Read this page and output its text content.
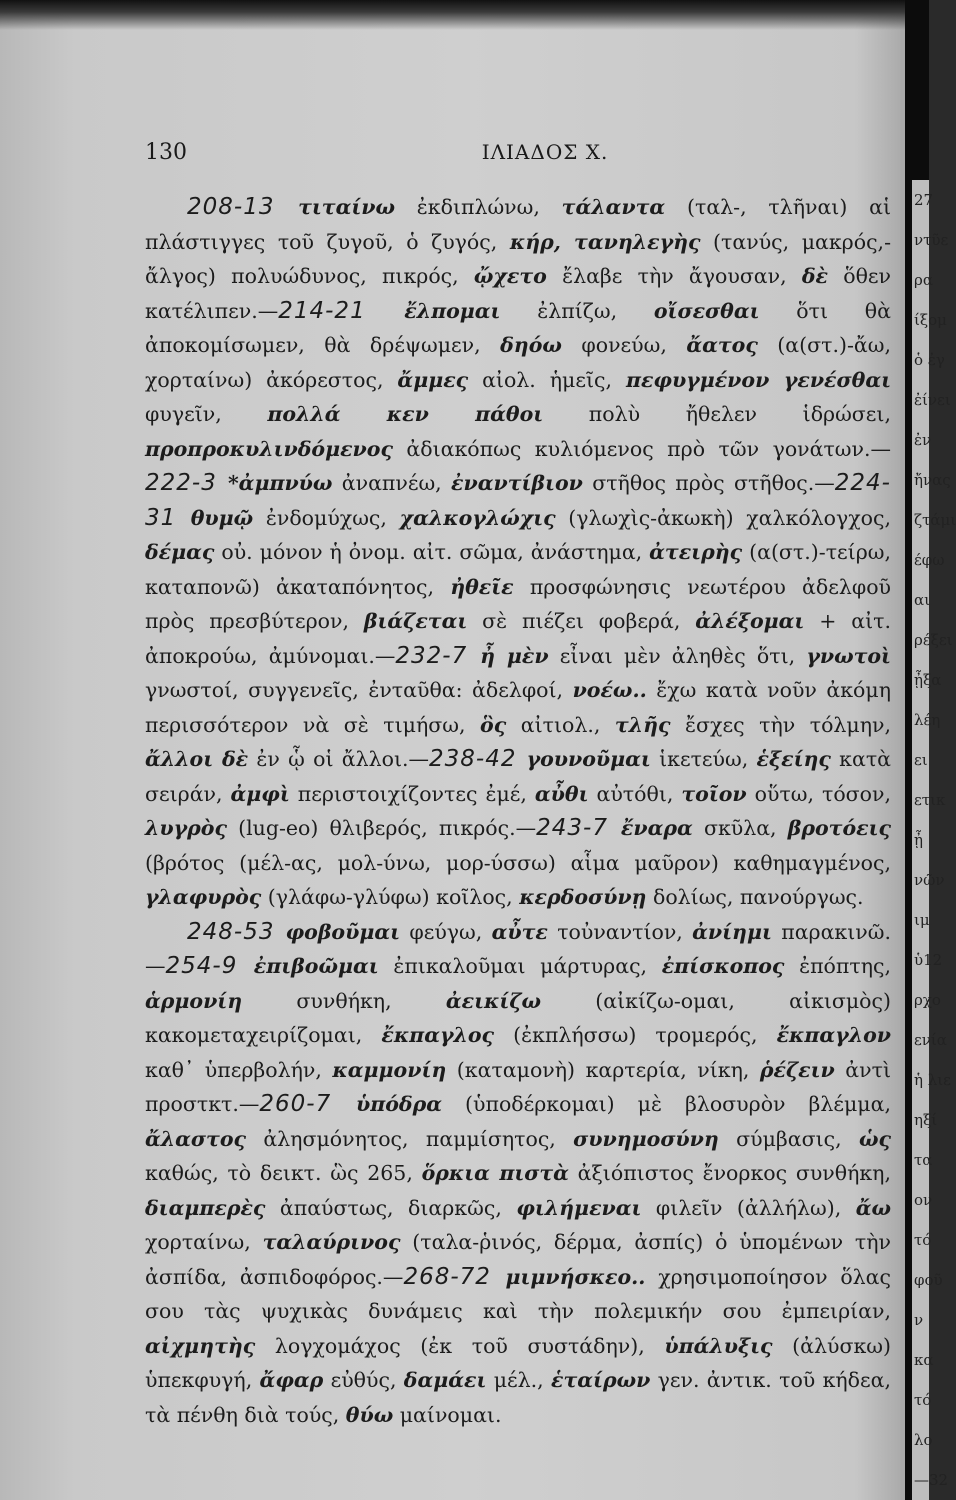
130	ΙΛΙΑΔΟΣ Χ.

208-13 τιταίνω ἐκδιπλώνω, τάλαντα (ταλ-, τλῆναι) αἱ πλάστιγγες τοῦ ζυγοῦ, ὁ ζυγός, κήρ, τανηλεγὴς (τανύς, μακρός,-ἄλγος) πολυώδυνος, πικρός, ᾤχετο ἔλαβε τὴν ἄγουσαν, δὲ ὅθεν κατέλιπεν.—214-21 ἔλπομαι ἐλπίζω, οἴσεσθαι ὅτι θὰ ἀποκομίσωμεν, θὰ δρέψωμεν, δηόω φονεύω, ἄατος (α(στ.)-ἄω, χορταίνω) ἀκόρεστος, ἄμμες αἰολ. ἡμεῖς, πεφυγμένον γενέσθαι φυγεῖν, πολλά κεν πάθοι πολὺ ἤθελεν ἱδρώσει, προπροκυλινδόμενος ἀδιακόπως κυλιόμενος πρὸ τῶν γονάτων.—222-3 *ἀμπνύω ἀναπνέω, ἐναντίβιον στῆθος πρὸς στῆθος.—224-31 θυμῷ ἐνδομύχως, χαλκογλώχις (γλωχὶς-ἀκωκὴ) χαλκόλογχος, δέμας οὐ. μόνον ἡ ὀνομ. αἰτ. σῶμα, ἀνάστημα, ἀτειρὴς (α(στ.)-τείρω, καταπονῶ) ἀκαταπόνητος, ἠθεῖε προσφώνησις νεωτέρου ἀδελφοῦ πρὸς πρεσβύτερον, βιάζεται σὲ πιέζει φοβερά, ἀλέξομαι + αἰτ. ἀποκρούω, ἀμύνομαι.—232-7 ἦ μὲν εἶναι μὲν ἀληθὲς ὅτι, γνωτοὶ γνωστοί, συγγενεῖς, ἐνταῦθα: ἀδελφοί, νοέω.. ἔχω κατὰ νοῦν ἀκόμη περισσότερον νὰ σὲ τιμήσω, ὃς αἰτιολ., τλῆς ἔσχες τὴν τόλμην, ἄλλοι δὲ ἐν ᾧ οἱ ἄλλοι.—238-42 γουνοῦμαι ἱκετεύω, ἑξείης κατὰ σειράν, ἀμφὶ περιστοιχίζοντες ἐμέ, αὖθι αὐτόθι, τοῖον οὕτω, τόσον, λυγρὸς (lug-eo) θλιβερός, πικρός.—243-7 ἔναρα σκῦλα, βροτόεις (βρότος (μέλ-ας, μολ-ύνω, μορ-ύσσω) αἷμα μαῦρον) καθημαγμένος, γλαφυρὸς (γλάφω-γλύφω) κοῖλος, κερδοσύνῃ δολίως, πανούργως.

248-53 φοβοῦμαι φεύγω, αὖτε τοὐναντίον, ἀνίημι παρακινῶ.—254-9 ἐπιβοῶμαι ἐπικαλοῦμαι μάρτυρας, ἐπίσκοπος ἐπόπτης, ἁρμονίη συνθήκη, ἀεικίζω (αἰκίζω-ομαι, αἰκισμὸς) κακομεταχειρίζομαι, ἔκπαγλος (ἐκπλήσσω) τρομερός, ἔκπαγλον καθ᾽ ὑπερβολήν, καμμονίη (καταμονὴ) καρτερία, νίκη, ῥέζειν ἀντὶ προστκτ.—260-7 ὑπόδρα (ὑποδέρκομαι) μὲ βλοσυρὸν βλέμμα, ἄλαστος ἀλησμόνητος, παμμίσητος, συνημοσύνη σύμβασις, ὡς καθώς, τὸ δεικτ. ὣς 265, ὅρκια πιστὰ ἀξιόπιστος ἔνορκος συνθήκη, διαμπερὲς ἀπαύστως, διαρκῶς, φιλήμεναι φιλεῖν (ἀλλήλω), ἄω χορταίνω, ταλαύρινος (ταλα-ῥινός, δέρμα, ἀσπίς) ὁ ὑπομένων τὴν ἀσπίδα, ἀσπιδοφόρος.—268-72 μιμνήσκεο.. χρησιμοποίησον ὅλας σου τὰς ψυχικὰς δυνάμεις καὶ τὴν πολεμικήν σου ἐμπειρίαν, αἰχμητὴς λογχομάχος (ἐκ τοῦ συστάδην), ὑπάλυξις (ἀλύσκω) ὑπεκφυγή, ἄφαρ εὐθύς, δαμάει μέλ., ἑταίρων γεν. ἀντικ. τοῦ κήδεα, τὰ πένθη διὰ τούς, θύω μαίνομαι.

27
ντῦε
ρα
ίξομ
ὁ ἐγ
ἐίνει
ἐν
ἤνας
ζτάμι
έφω
αι
ρέξει
ᾖξα
λέη
ει
ετικ
ᾖ
νῶν
ιμ
ὑ12
ρχο
ενία
ἡ λιε
ηξί
τα
ον
τό
φοῦ
ν
κα
τό
λο
—32
